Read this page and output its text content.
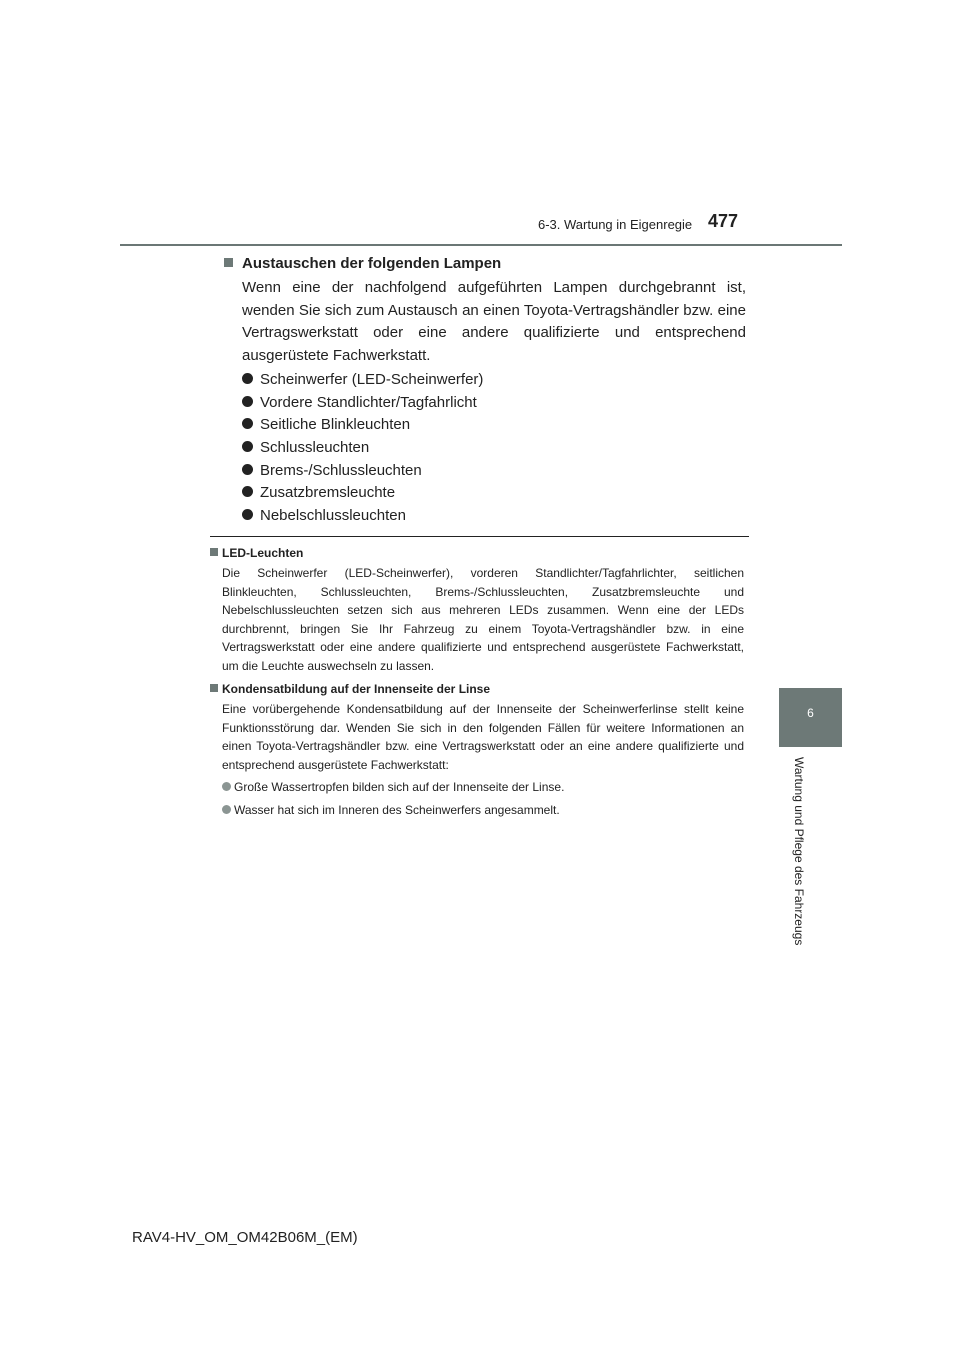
6-3. Wartung in Eigenregie 477
6
Wartung und Pflege des Fahrzeugs
Austauschen der folgenden Lampen
Wenn eine der nachfolgend aufgeführten Lampen durchgebrannt ist, wenden Sie sich zum Austausch an einen Toyota-Vertragshändler bzw. eine Vertragswerkstatt oder eine andere qualifizierte und entsprechend ausgerüstete Fachwerkstatt.
Scheinwerfer (LED-Scheinwerfer)
Vordere Standlichter/Tagfahrlicht
Seitliche Blinkleuchten
Schlussleuchten
Brems-/Schlussleuchten
Zusatzbremsleuchte
Nebelschlussleuchten
LED-Leuchten
Die Scheinwerfer (LED-Scheinwerfer), vorderen Standlichter/Tagfahrlichter, seitlichen Blinkleuchten, Schlussleuchten, Brems-/Schlussleuchten, Zusatzbremsleuchte und Nebelschlussleuchten setzen sich aus mehreren LEDs zusammen. Wenn eine der LEDs durchbrennt, bringen Sie Ihr Fahrzeug zu einem Toyota-Vertragshändler bzw. in eine Vertragswerkstatt oder eine andere qualifizierte und entsprechend ausgerüstete Fachwerkstatt, um die Leuchte auswechseln zu lassen.
Kondensatbildung auf der Innenseite der Linse
Eine vorübergehende Kondensatbildung auf der Innenseite der Scheinwerferlinse stellt keine Funktionsstörung dar. Wenden Sie sich in den folgenden Fällen für weitere Informationen an einen Toyota-Vertragshändler bzw. eine Vertragswerkstatt oder an eine andere qualifizierte und entsprechend ausgerüstete Fachwerkstatt:
Große Wassertropfen bilden sich auf der Innenseite der Linse.
Wasser hat sich im Inneren des Scheinwerfers angesammelt.
RAV4-HV_OM_OM42B06M_(EM)
